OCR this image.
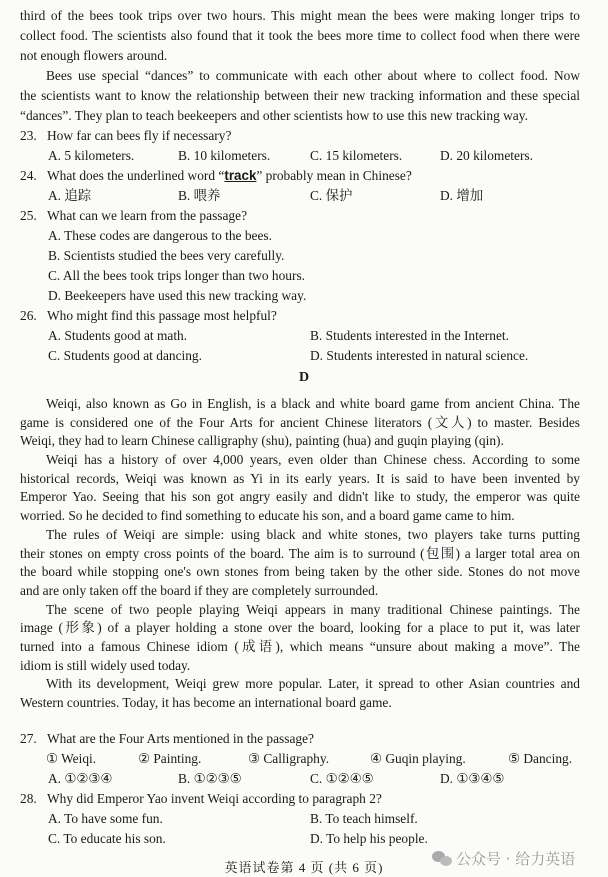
third of the bees took trips over two hours. This might mean the bees were making longer trips to
collect food. The scientists also found that it took the bees more time to collect food when there were
not enough flowers around.
Bees use special “dances” to communicate with each other about where to collect food. Now
the scientists want to know the relationship between their new tracking information and these special
“dances”. They plan to teach beekeepers and other scientists how to use this new tracking way.
23. How far can bees fly if necessary?
A. 5 kilometers.	B. 10 kilometers.	C. 15 kilometers.	D. 20 kilometers.
24. What does the underlined word “track” probably mean in Chinese?
A. 追踪	B. 喂养	C. 保护	D. 增加
25. What can we learn from the passage?
A. These codes are dangerous to the bees.
B. Scientists studied the bees very carefully.
C. All the bees took trips longer than two hours.
D. Beekeepers have used this new tracking way.
26. Who might find this passage most helpful?
A. Students good at math.	B. Students interested in the Internet.
C. Students good at dancing.	D. Students interested in natural science.
D
Weiqi, also known as Go in English, is a black and white board game from ancient China. The
game is considered one of the Four Arts for ancient Chinese literators (文人) to master. Besides
Weiqi, they had to learn Chinese calligraphy (shu), painting (hua) and guqin playing (qin).
Weiqi has a history of over 4,000 years, even older than Chinese chess. According to some
historical records, Weiqi was known as Yi in its early years. It is said to have been invented by
Emperor Yao. Seeing that his son got angry easily and didn't like to study, the emperor was quite
worried. So he decided to find something to educate his son, and a board game came to him.
The rules of Weiqi are simple: using black and white stones, two players take turns putting
their stones on empty cross points of the board. The aim is to surround (包围) a larger total area on
the board while stopping one's own stones from being taken by the other side. Stones do not move
and are only taken off the board if they are completely surrounded.
The scene of two people playing Weiqi appears in many traditional Chinese paintings. The
image (形象) of a player holding a stone over the board, looking for a place to put it, was later
turned into a famous Chinese idiom (成语), which means “unsure about making a move”. The
idiom is still widely used today.
With its development, Weiqi grew more popular. Later, it spread to other Asian countries and
Western countries. Today, it has become an international board game.
27. What are the Four Arts mentioned in the passage?
① Weiqi.	② Painting.	③ Calligraphy.	④ Guqin playing.	⑤ Dancing.
A. ①②③④	B. ①②③⑤	C. ①②④⑤	D. ①③④⑤
28. Why did Emperor Yao invent Weiqi according to paragraph 2?
A. To have some fun.	B. To teach himself.
C. To educate his son.	D. To help his people.
公众号 · 给力英语
英语试卷第 4 页 (共 6 页)
